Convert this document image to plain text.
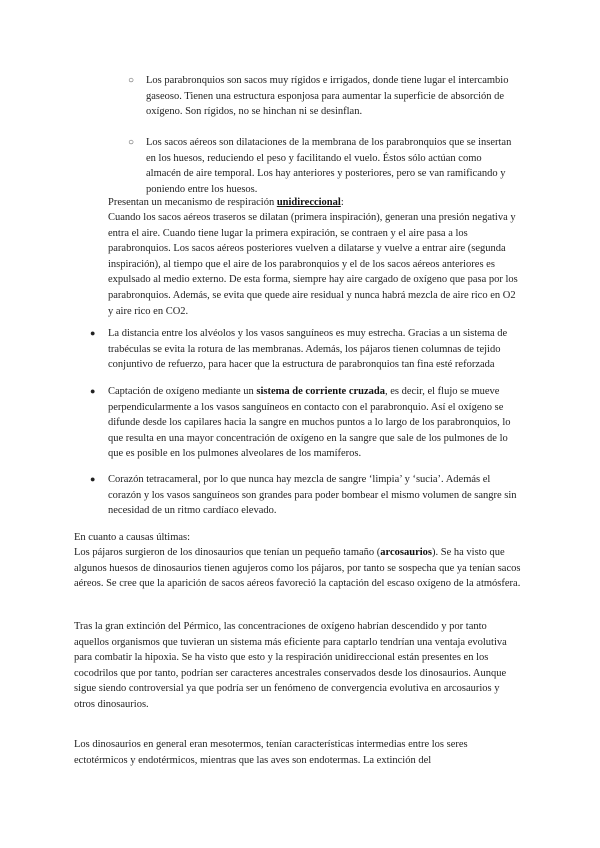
○	Los parabronquios son sacos muy rígidos e irrigados, donde tiene lugar el intercambio gaseoso. Tienen una estructura esponjosa para aumentar la superficie de absorción de oxígeno. Son rígidos, no se hinchan ni se desinflan.

○	Los sacos aéreos son dilataciones de la membrana de los parabronquios que se insertan en los huesos, reduciendo el peso y facilitando el vuelo. Éstos sólo actúan como almacén de aire temporal. Los hay anteriores y posteriores, pero se van ramificando y poniendo entre los huesos.

Presentan un mecanismo de respiración unidireccional:

Cuando los sacos aéreos traseros se dilatan (primera inspiración), generan una presión negativa y entra el aire. Cuando tiene lugar la primera expiración, se contraen y el aire pasa a los parabronquios. Los sacos aéreos posteriores vuelven a dilatarse y vuelve a entrar aire (segunda inspiración), al tiempo que el aire de los parabronquios y el de los sacos aéreos anteriores es expulsado al medio externo. De esta forma, siempre hay aire cargado de oxígeno que pasa por los parabronquios. Además, se evita que quede aire residual y nunca habrá mezcla de aire rico en O2 y aire rico en CO2.

● La distancia entre los alvéolos y los vasos sanguíneos es muy estrecha. Gracias a un sistema de trabéculas se evita la rotura de las membranas. Además, los pájaros tienen columnas de tejido conjuntivo de refuerzo, para hacer que la estructura de parabronquios tan fina esté reforzada

● Captación de oxígeno mediante un sistema de corriente cruzada, es decir, el flujo se mueve perpendicularmente a los vasos sanguíneos en contacto con el parabronquio. Así el oxígeno se difunde desde los capilares hacia la sangre en muchos puntos a lo largo de los parabronquios, lo que resulta en una mayor concentración de oxígeno en la sangre que sale de los pulmones de lo que es posible en los pulmones alveolares de los mamíferos.

● Corazón tetracameral, por lo que nunca hay mezcla de sangre ‘limpia’ y ‘sucia’. Además el corazón y los vasos sanguíneos son grandes para poder bombear el mismo volumen de sangre sin necesidad de un ritmo cardíaco elevado.

En cuanto a causas últimas:

Los pájaros surgieron de los dinosaurios que tenían un pequeño tamaño (arcosaurios). Se ha visto que algunos huesos de dinosaurios tienen agujeros como los pájaros, por tanto se sospecha que ya tenían sacos aéreos. Se cree que la aparición de sacos aéreos favoreció la captación del escaso oxígeno de la atmósfera.

Tras la gran extinción del Pérmico, las concentraciones de oxígeno habrían descendido y por tanto aquellos organismos que tuvieran un sistema más eficiente para captarlo tendrían una ventaja evolutiva para combatir la hipoxia. Se ha visto que esto y la respiración unidireccional están presentes en los cocodrilos que por tanto, podrían ser caracteres ancestrales conservados desde los dinosaurios. Aunque sigue siendo controversial ya que podría ser un fenómeno de convergencia evolutiva en arcosaurios y otros dinosaurios.

Los dinosaurios en general eran mesotermos, tenían características intermedias entre los seres ectotérmicos y endotérmicos, mientras que las aves son endotermas. La extinción del
